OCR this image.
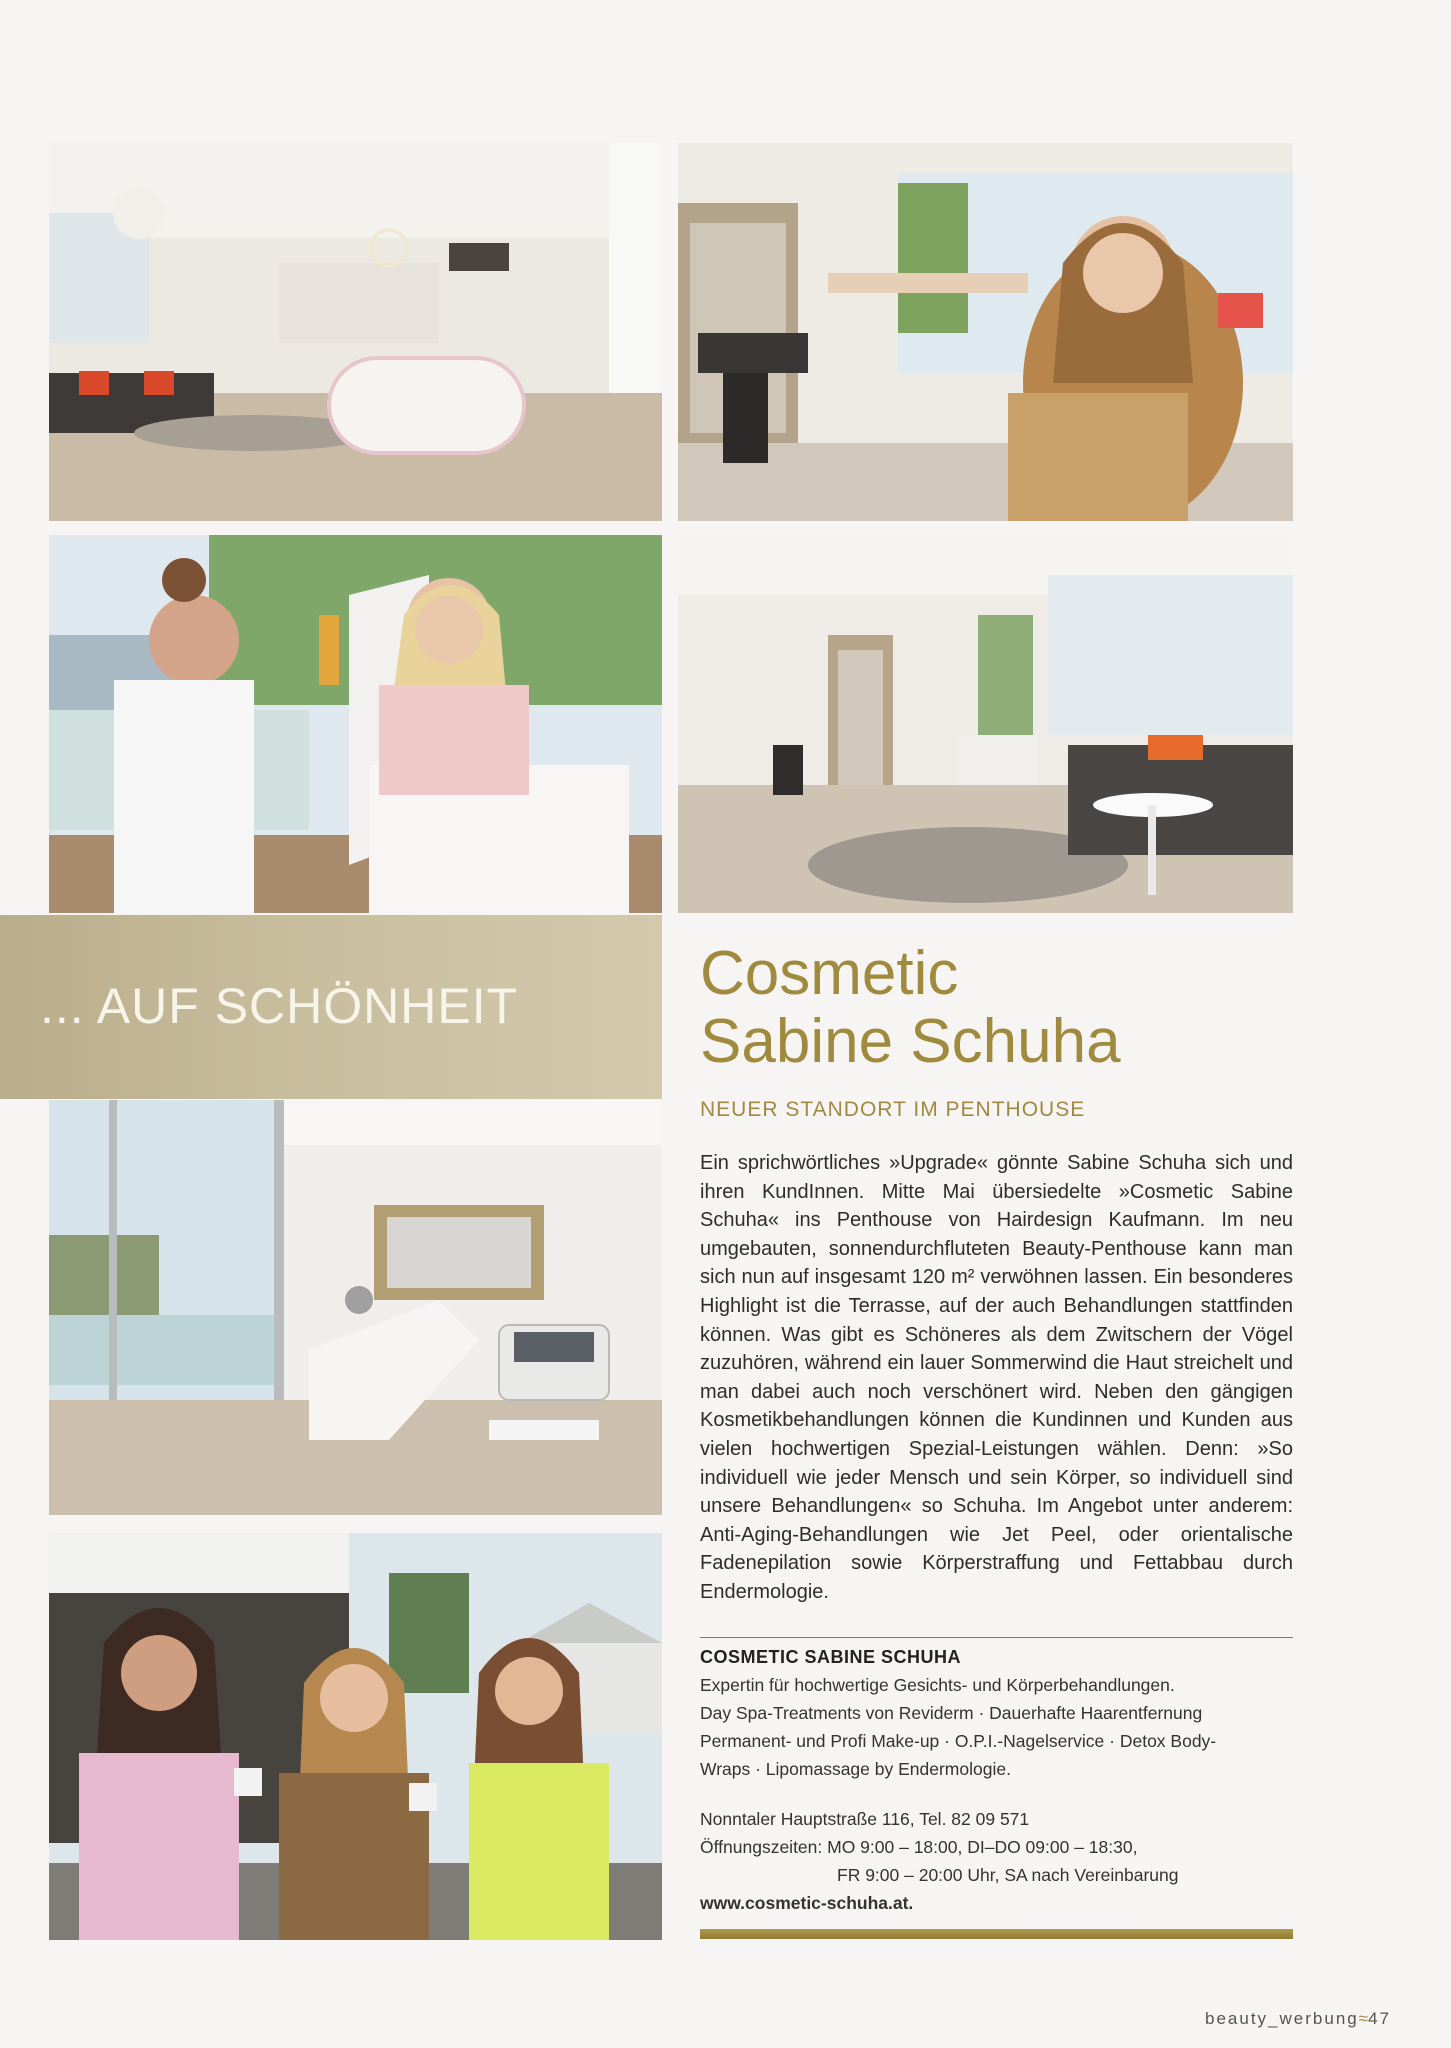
... AUF SCHÖNHEIT	Cosmetic
Sabine Schuha
NEUER STANDORT IM PENTHOUSE
Ein sprichwörtliches »Upgrade« gönnte Sabine Schuha sich und ihren KundInnen. Mitte Mai übersiedelte »Cosmetic Sabine Schuha« ins Penthouse von Hairdesign Kaufmann. Im neu umgebauten, sonnendurchfluteten Beauty-Penthouse kann man sich nun auf insgesamt 120 m² verwöhnen lassen. Ein besonderes Highlight ist die Terrasse, auf der auch Behandlungen stattfinden können. Was gibt es Schöneres als dem Zwitschern der Vögel zuzuhören, während ein lauer Sommerwind die Haut streichelt und man dabei auch noch verschönert wird. Neben den gängigen Kosmetikbehandlungen können die Kundinnen und Kunden aus vielen hochwertigen Spezial-Leistungen wählen. Denn: »So individuell wie jeder Mensch und sein Körper, so individuell sind unsere Behandlungen« so Schuha. Im Angebot unter anderem: Anti-Aging-Behandlungen wie Jet Peel, oder orientalische Fadenepilation sowie Körperstraffung und Fettabbau durch Endermologie.
COSMETIC SABINE SCHUHA
Expertin für hochwertige Gesichts- und Körperbehandlungen.
Day Spa-Treatments von Reviderm · Dauerhafte Haarentfernung
Permanent- und Profi Make-up · O.P.I.-Nagelservice · Detox Body-
Wraps · Lipomassage by Endermologie.
Nonntaler Hauptstraße 116, Tel. 82 09 571
Öffnungszeiten: MO 9:00 – 18:00, DI–DO 09:00 – 18:30,
FR 9:00 – 20:00 Uhr, SA nach Vereinbarung
www.cosmetic-schuha.at.
beauty_werbung≈47
